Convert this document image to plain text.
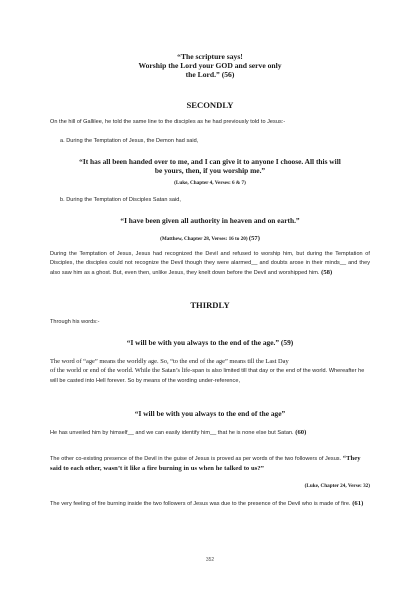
“The scripture says!
Worship the Lord your GOD and serve only
the Lord.” (56)
SECONDLY
On the hill of Gallilee, he told the same line to the disciples as he had previously told to Jesus:-
a. During the Temptation of Jesus, the Demon had said,
“It has all been handed over to me, and I can give it to anyone I choose. All this will
be yours, then, if you worship me.”
(Luke, Chapter 4, Verses: 6 & 7)
b. During the Temptation of Disciples Satan said,
“I have been given all authority in heaven and on earth.”
(Matthew, Chapter 28, Verses: 16 to 20) (57)
During the Temptation of Jesus, Jesus had recognized the Devil and refused to worship him, but during the Temptation of Disciples, the disciples could not recognize the Devil though they were alarmed__ and doubts arose in their minds__ and they also saw him as a ghost. But, even then, unlike Jesus, they knelt down before the Devil and worshipped him. (58)
THIRDLY
Through his words:-
“I will be with you always to the end of the age.” (59)
The word of “age” means the worldly age. So, “to the end of the age” means till the Last Day
of the world or end of the world. While the Satan’s life-span is also limited till that day or the end of the world. Whereafter he will be casted into Hell forever. So by means of the wording under-reference,
“I will be with you always to the end of the age”
He has unveiled him by himself__ and we can easily identify him__ that he is none else but Satan. (60)
The other co-existing presence of the Devil in the guise of Jesus is proved as per words of the two followers of Jesus. “They said to each other, wasn’t it like a fire burning in us when he talked to us?”
(Luke, Chapter 24, Verse: 32)
The very feeling of fire burning inside the two followers of Jesus was due to the presence of the Devil who is made of fire. (61)
352
